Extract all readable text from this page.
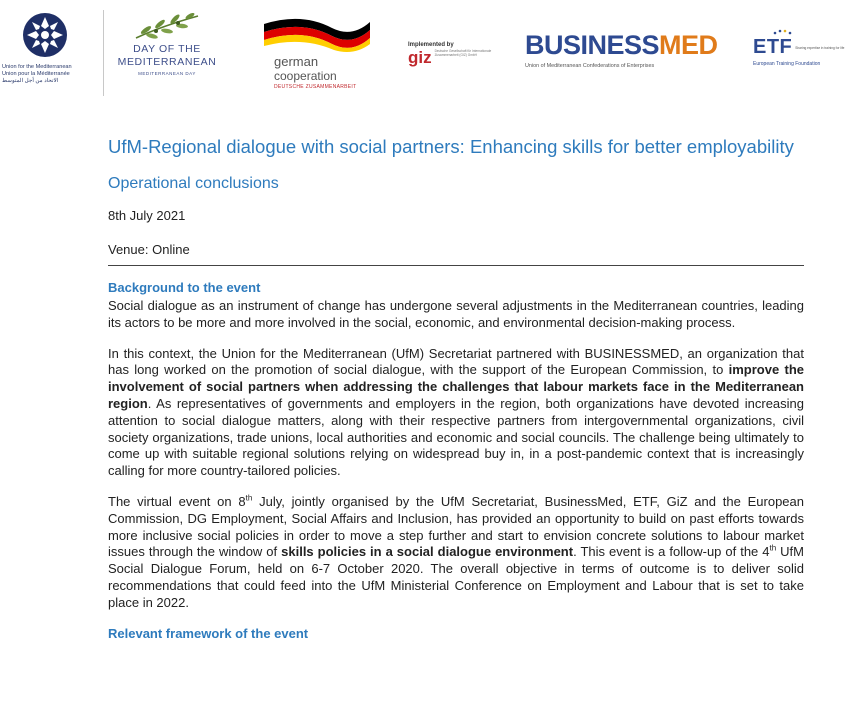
Union for the Mediterranean
Union pour la Méditerranée
الاتحاد من أجل المتوسط
DAY OF THE
MEDITERRANEAN
MEDITERRANEAN DAY
german
cooperation
DEUTSCHE ZUSAMMENARBEIT
Implemented by
giz Deutsche Gesellschaft für Internationale Zusammenarbeit (GIZ) GmbH	BUSINESSMED
Union of Mediterranean Confederations of Enterprises
ETF Sharing expertise in training for life
European Training Foundation
UfM-Regional dialogue with social partners: Enhancing skills for better employability
Operational conclusions

8th July 2021

Venue: Online

Background to the event

Social dialogue as an instrument of change has undergone several adjustments in the Mediterranean countries, leading its actors to be more and more involved in the social, economic, and environmental decision-making process.

In this context, the Union for the Mediterranean (UfM) Secretariat partnered with BUSINESSMED, an organization that has long worked on the promotion of social dialogue, with the support of the European Commission, to improve the involvement of social partners when addressing the challenges that labour markets face in the Mediterranean region. As representatives of governments and employers in the region, both organizations have devoted increasing attention to social dialogue matters, along with their respective partners from intergovernmental organizations, civil society organizations, trade unions, local authorities and economic and social councils. The challenge being ultimately to come up with suitable regional solutions relying on widespread buy in, in a post-pandemic context that is increasingly calling for more country-tailored policies.

The virtual event on 8th July, jointly organised by the UfM Secretariat, BusinessMed, ETF, GiZ and the European Commission, DG Employment, Social Affairs and Inclusion, has provided an opportunity to build on past efforts towards more inclusive social policies in order to move a step further and start to envision concrete solutions to labour market issues through the window of skills policies in a social dialogue environment. This event is a follow-up of the 4th UfM Social Dialogue Forum, held on 6-7 October 2020. The overall objective in terms of outcome is to deliver solid recommendations that could feed into the UfM Ministerial Conference on Employment and Labour that is set to take place in 2022.

Relevant framework of the event
